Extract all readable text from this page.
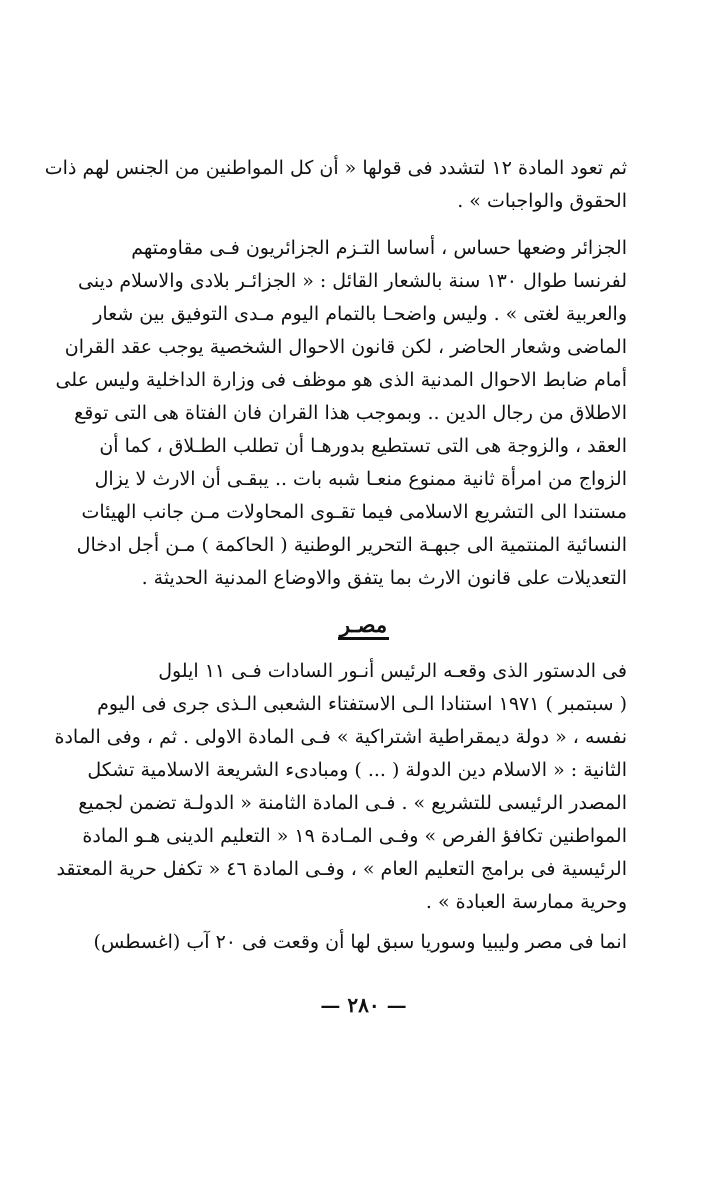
ثم تعود المادة ١٢ لتشدد فى قولها « أن كل المواطنين من الجنس لهم ذات
الحقوق والواجبات » .
الجزائر وضعها حساس ، أساسا التـزم الجزائريون فـى مقاومتهم
لفرنسا طوال ١٣٠ سنة بالشعار القائل : « الجزائـر بلادى والاسلام دينى
والعربية لغتى » . وليس واضحـا بالتمام اليوم مـدى التوفيق بين شعار
الماضى وشعار الحاضر ، لكن قانون الاحوال الشخصية يوجب عقد القران
أمام ضابط الاحوال المدنية الذى هو موظف فى وزارة الداخلية وليس على
الاطلاق من رجال الدين .. وبموجب هذا القران فان الفتاة هى التى توقع
العقد ، والزوجة هى التى تستطيع بدورهـا أن تطلب الطـلاق ، كما أن
الزواج من امرأة ثانية ممنوع منعـا شبه بات .. يبقـى أن الارث لا يزال
مستندا الى التشريع الاسلامى فيما تقـوى المحاولات مـن جانب الهيئات
النسائية المنتمية الى جبهـة التحرير الوطنية ( الحاكمة ) مـن أجل ادخال
التعديلات على قانون الارث بما يتفق والاوضاع المدنية الحديثة .
مصـر
فى الدستور الذى وقعـه الرئيس أنـور السادات فـى ١١ ايلول
( سبتمبر ) ١٩٧١ استنادا الـى الاستفتاء الشعبى الـذى جرى فى اليوم
نفسه ، « دولة ديمقراطية اشتراكية » فـى المادة الاولى . ثم ، وفى المادة
الثانية : « الاسلام دين الدولة ( ... ) ومبادىء الشريعة الاسلامية تشكل
المصدر الرئيسى للتشريع » . فـى المادة الثامنة « الدولـة تضمن لجميع
المواطنين تكافؤ الفرص » وفـى المـادة ١٩ « التعليم الدينى هـو المادة
الرئيسية فى برامج التعليم العام » ، وفـى المادة ٤٦ « تكفل حرية المعتقد
وحرية ممارسة العبادة » .
انما فى مصر وليبيا وسوريا سبق لها أن وقعت فى ٢٠ آب (اغسطس)
— ٢٨٠ —
